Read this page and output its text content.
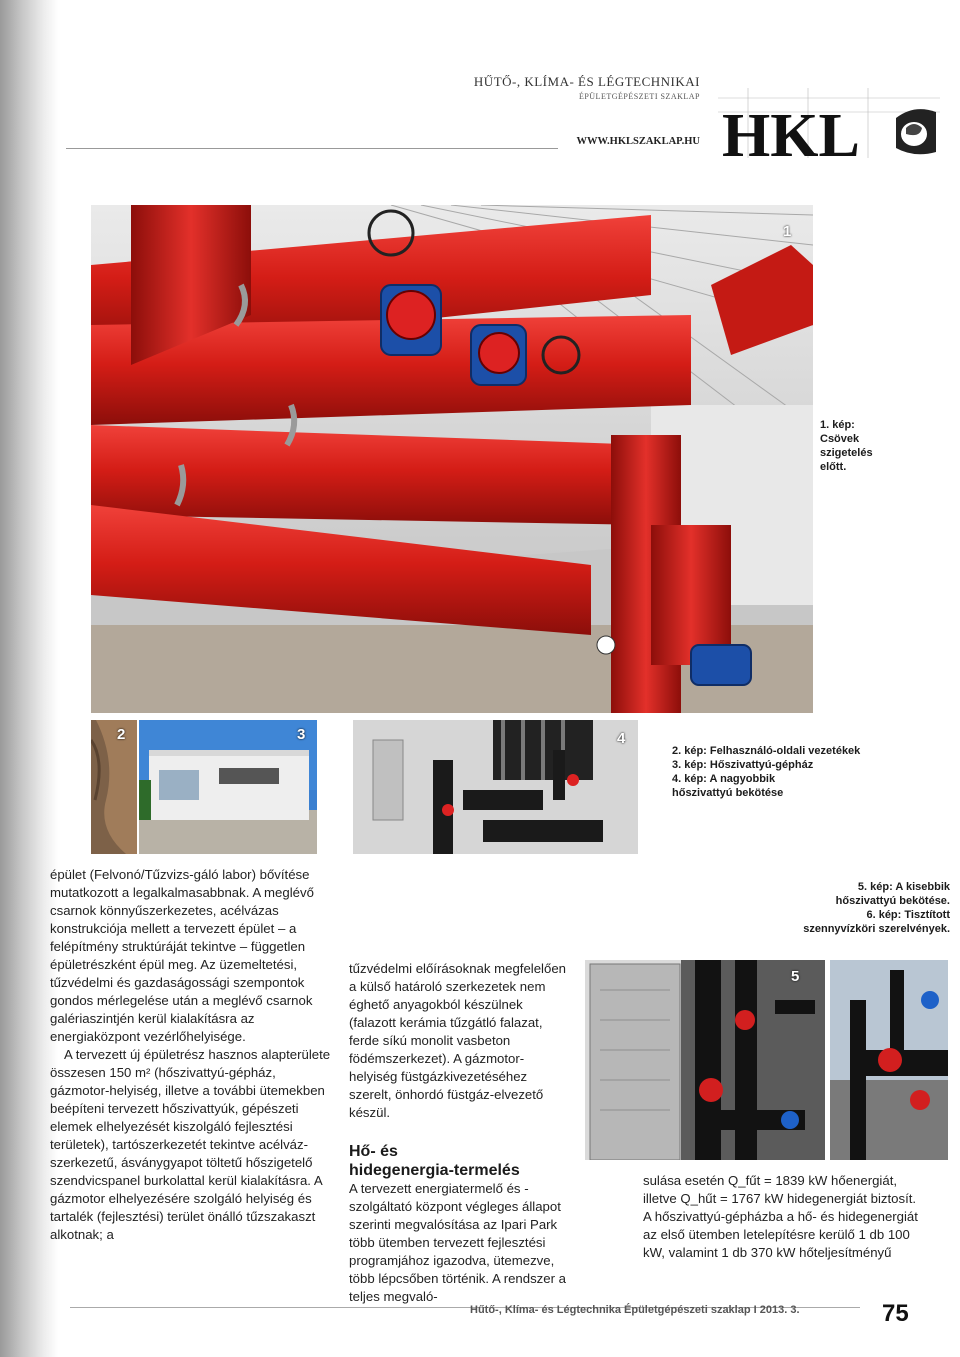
HŰTŐ-, KLÍMA- ÉS LÉGTECHNIKAI
ÉPÜLETGÉPÉSZETI SZAKLAP
WWW.HKLSZAKLAP.HU HKL
1
1. kép:
Csövek
szigetelés
előtt.
2	3	4
2. kép: Felhasználó-oldali vezetékek
3. kép: Hőszivattyú-gépház
4. kép: A nagyobbik
hőszivattyú bekötése
5. kép: A kisebbik
hőszivattyú bekötése.
6. kép: Tisztított
szennyvízköri szerelvények.
5

épület (Felvonó/Tűzvizs-gáló labor) bővítése mutatkozott a legalkalmasabbnak. A meglévő csarnok könnyűszerkezetes, acélvázas konstrukciója mellett a tervezett épület – a felépítmény struktúráját tekintve – független épületrészként épül meg. Az üzemeltetési, tűzvédelmi és gazdaságossági szempontok gondos mérlegelése után a meglévő csarnok galériaszintjén kerül kialakításra az energiaközpont vezérlőhelyisége.

A tervezett új épületrész hasznos alapterülete összesen 150 m² (hőszivattyú-gépház, gázmotor-helyiség, illetve a további ütemekben beépíteni tervezett hőszivattyúk, gépészeti elemek elhelyezését kiszolgáló fejlesztési területek), tartószerkezetét tekintve acélváz-szerkezetű, ásványgyapot töltetű hőszigetelő szendvicspanel burkolattal kerül kialakításra. A gázmotor elhelyezésére szolgáló helyiség és tartalék (fejlesztési) terület önálló tűzszakaszt alkotnak; a

tűzvédelmi előírásoknak megfelelően a külső határoló szerkezetek nem éghető anyagokból készülnek (falazott kerámia tűzgátló falazat, ferde síkú monolit vasbeton födémszerkezet). A gázmotor-helyiség füstgázkivezetéséhez szerelt, önhordó füstgáz-elvezető készül.

Hő- és

hidegenergia-termelés

A tervezett energiatermelő és -szolgáltató központ végleges állapot szerinti megvalósítása az Ipari Park több ütemben tervezett fejlesztési programjához igazodva, ütemezve, több lépcsőben történik. A rendszer a teljes megvaló-

sulása esetén Q_fűt = 1839 kW hőenergiát, illetve Q_hűt = 1767 kW hidegenergiát biztosít. A hőszivattyú-gépházba a hő- és hidegenergiát az első ütemben letelepítésre kerülő 1 db 100 kW, valamint 1 db 370 kW hőteljesítményű

Hűtő-, Klíma- és Légtechnika Épületgépészeti szaklap I 2013. 3.	75
